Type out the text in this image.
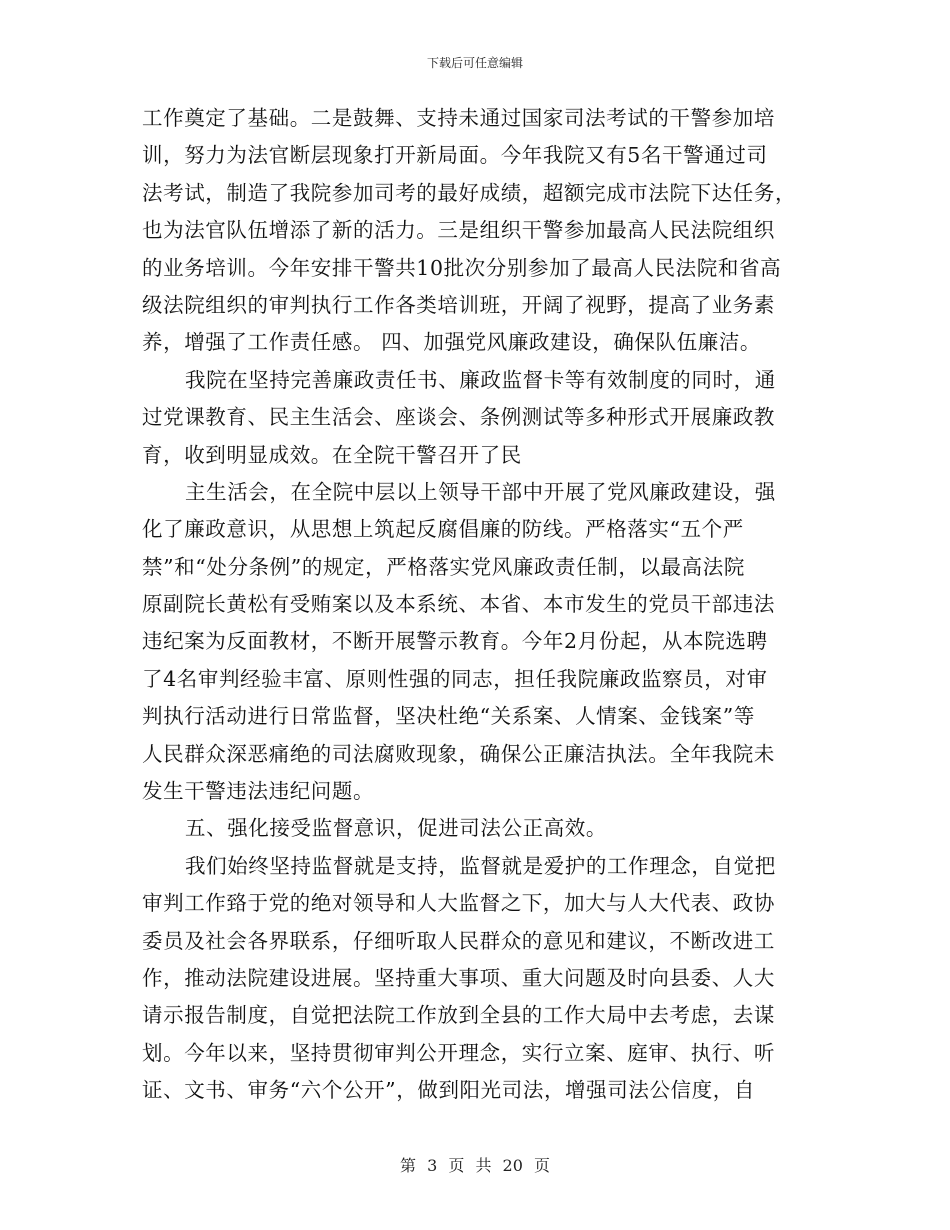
下载后可任意编辑
工作奠定了基础。二是鼓舞、支持未通过国家司法考试的干警参加培
训，努力为法官断层现象打开新局面。今年我院又有5名干警通过司
法考试，制造了我院参加司考的最好成绩，超额完成市法院下达任务，
也为法官队伍增添了新的活力。三是组织干警参加最高人民法院组织
的业务培训。今年安排干警共10批次分别参加了最高人民法院和省高
级法院组织的审判执行工作各类培训班，开阔了视野，提高了业务素
养，增强了工作责任感。 四、加强党风廉政建设，确保队伍廉洁。
我院在坚持完善廉政责任书、廉政监督卡等有效制度的同时，通
过党课教育、民主生活会、座谈会、条例测试等多种形式开展廉政教
育，收到明显成效。在全院干警召开了民
主生活会，在全院中层以上领导干部中开展了党风廉政建设，强
化了廉政意识，从思想上筑起反腐倡廉的防线。严格落实“五个严
禁”和“处分条例”的规定，严格落实党风廉政责任制，以最高法院
原副院长黄松有受贿案以及本系统、本省、本市发生的党员干部违法
违纪案为反面教材，不断开展警示教育。今年2月份起，从本院选聘
了4名审判经验丰富、原则性强的同志，担任我院廉政监察员，对审
判执行活动进行日常监督，坚决杜绝“关系案、人情案、金钱案”等
人民群众深恶痛绝的司法腐败现象，确保公正廉洁执法。全年我院未
发生干警违法违纪问题。
五、强化接受监督意识，促进司法公正高效。
我们始终坚持监督就是支持，监督就是爱护的工作理念，自觉把
审判工作臵于党的绝对领导和人大监督之下，加大与人大代表、政协
委员及社会各界联系，仔细听取人民群众的意见和建议，不断改进工
作，推动法院建设进展。坚持重大事项、重大问题及时向县委、人大
请示报告制度，自觉把法院工作放到全县的工作大局中去考虑，去谋
划。今年以来，坚持贯彻审判公开理念，实行立案、庭审、执行、听
证、文书、审务“六个公开”，做到阳光司法，增强司法公信度，自
第 3 页 共 20 页
